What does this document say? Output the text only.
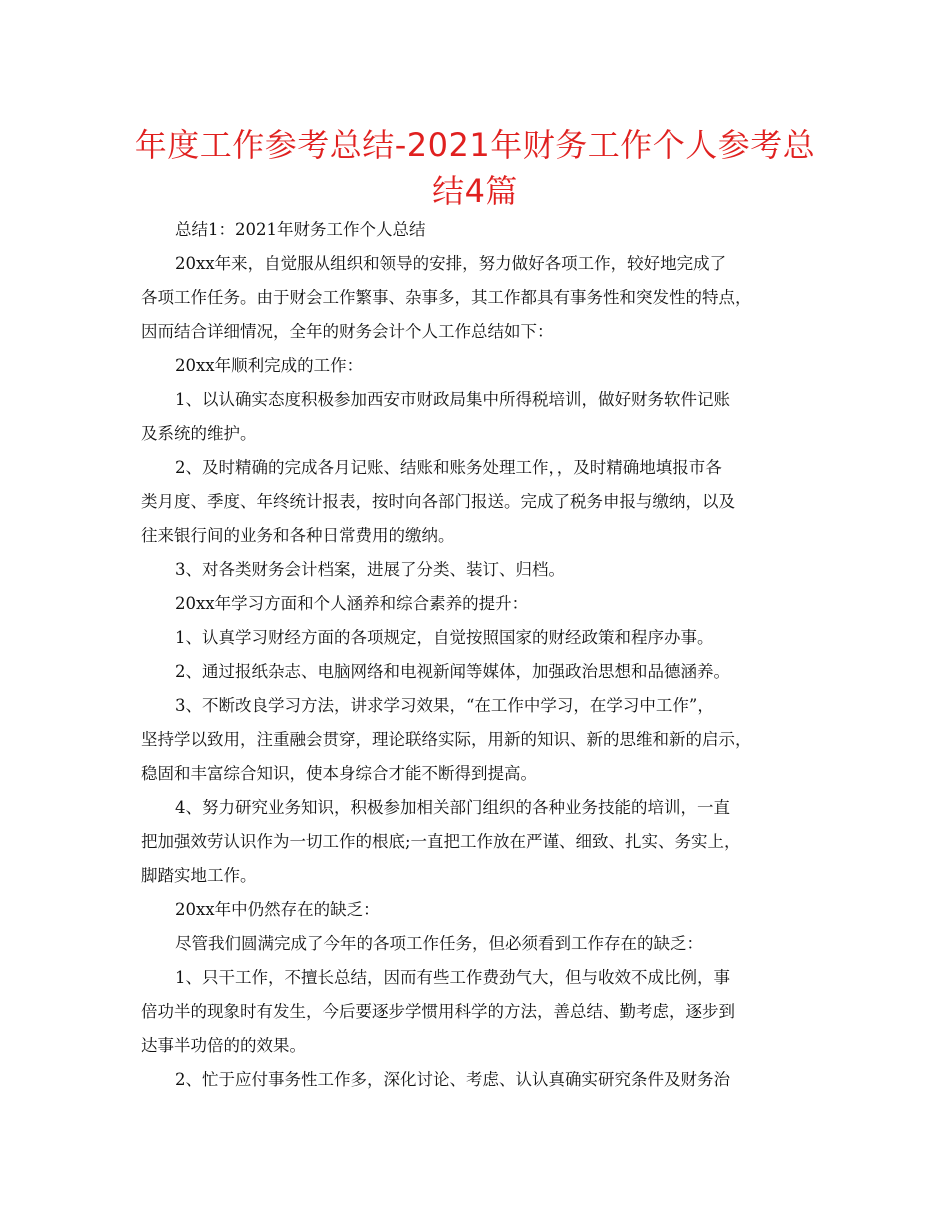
年度工作参考总结-2021年财务工作个人参考总
结4篇
总结1：2021年财务工作个人总结
20xx年来，自觉服从组织和领导的安排，努力做好各项工作，较好地完成了
各项工作任务。由于财会工作繁事、杂事多，其工作都具有事务性和突发性的特点，
因而结合详细情况，全年的财务会计个人工作总结如下：
20xx年顺利完成的工作：
1、以认确实态度积极参加西安市财政局集中所得税培训，做好财务软件记账
及系统的维护。
2、及时精确的完成各月记账、结账和账务处理工作，，及时精确地填报市各
类月度、季度、年终统计报表，按时向各部门报送。完成了税务申报与缴纳，以及
往来银行间的业务和各种日常费用的缴纳。
3、对各类财务会计档案，进展了分类、装订、归档。
20xx年学习方面和个人涵养和综合素养的提升：
1、认真学习财经方面的各项规定，自觉按照国家的财经政策和程序办事。
2、通过报纸杂志、电脑网络和电视新闻等媒体，加强政治思想和品德涵养。
3、不断改良学习方法，讲求学习效果，“在工作中学习，在学习中工作”，
坚持学以致用，注重融会贯穿，理论联络实际，用新的知识、新的思维和新的启示，
稳固和丰富综合知识，使本身综合才能不断得到提高。
4、努力研究业务知识，积极参加相关部门组织的各种业务技能的培训，一直
把加强效劳认识作为一切工作的根底;一直把工作放在严谨、细致、扎实、务实上，
脚踏实地工作。
20xx年中仍然存在的缺乏：
尽管我们圆满完成了今年的各项工作任务，但必须看到工作存在的缺乏：
1、只干工作，不擅长总结，因而有些工作费劲气大，但与收效不成比例，事
倍功半的现象时有发生，今后要逐步学惯用科学的方法，善总结、勤考虑，逐步到
达事半功倍的的效果。
2、忙于应付事务性工作多，深化讨论、考虑、认认真确实研究条件及财务治
